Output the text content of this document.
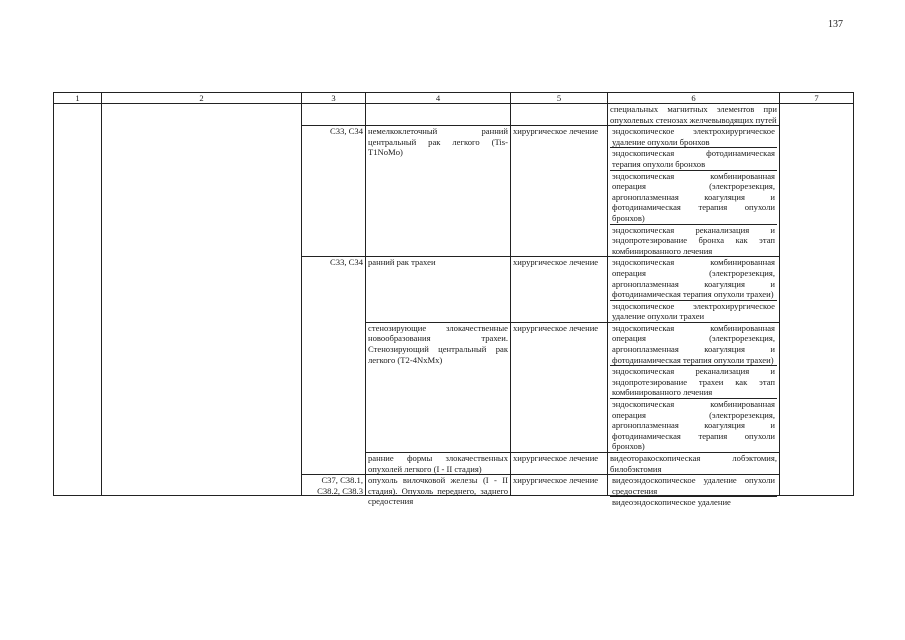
137
1	2	3	4	5	6	7
					специальных магнитных элементов при опухолевых стенозах желчевыводящих путей	
		C33, C34	немелкоклеточный ранний центральный рак легкого (Tis-T1NoMo)	хирургическое лечение	эндоскопическое электрохирургическое удаление опухоли бронхов
эндоскопическая фотодинамическая терапия опухоли бронхов
эндоскопическая комбинированная операция (электрорезекция, аргоноплазменная коагуляция и фотодинамическая терапия опухоли бронхов)
эндоскопическая реканализация и эндопротезирование бронха как этап комбинированного лечения	

		C33, C34	ранний рак трахеи	хирургическое лечение	эндоскопическая комбинированная операция (электрорезекция, аргоноплазменная коагуляция и фотодинамическая терапия опухоли трахеи)
эндоскопическое электрохирургическое удаление опухоли трахеи	

			стенозирующие злокачественные новообразования трахеи. Стенозирующий центральный рак легкого (T2-4NxMx)	хирургическое лечение	эндоскопическая комбинированная операция (электрорезекция, аргоноплазменная коагуляция и фотодинамическая терапия опухоли трахеи)
эндоскопическая реканализация и эндопротезирование трахеи как этап комбинированного лечения
эндоскопическая комбинированная операция (электрорезекция, аргоноплазменная коагуляция и фотодинамическая терапия опухоли бронхов)	

			ранние формы злокачественных опухолей легкого (I - II стадия)	хирургическое лечение	видеоторакоскопическая лобэктомия, билобэктомия	

		C37, C38.1, C38.2, C38.3	опухоль вилочковой железы (I - II стадия). Опухоль переднего, заднего средостения	хирургическое лечение	видеоэндоскопическое удаление опухоли средостения
видеоэндоскопическое удаление	
